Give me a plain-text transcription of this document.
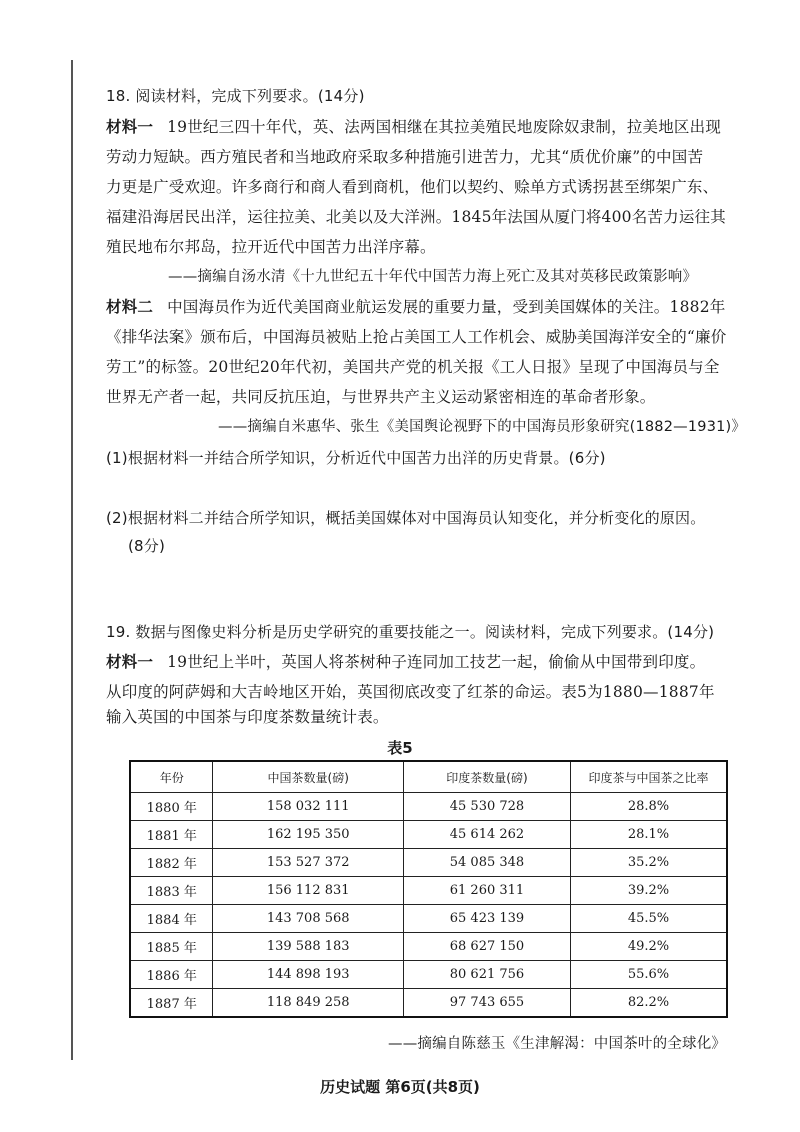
18. 阅读材料，完成下列要求。(14分)
材料一 19世纪三四十年代，英、法两国相继在其拉美殖民地废除奴隶制，拉美地区出现
劳动力短缺。西方殖民者和当地政府采取多种措施引进苦力，尤其“质优价廉”的中国苦
力更是广受欢迎。许多商行和商人看到商机，他们以契约、赊单方式诱拐甚至绑架广东、
福建沿海居民出洋，运往拉美、北美以及大洋洲。1845年法国从厦门将400名苦力运往其
殖民地布尔邦岛，拉开近代中国苦力出洋序幕。
——摘编自汤水清《十九世纪五十年代中国苦力海上死亡及其对英移民政策影响》
材料二 中国海员作为近代美国商业航运发展的重要力量，受到美国媒体的关注。1882年
《排华法案》颁布后，中国海员被贴上抢占美国工人工作机会、威胁美国海洋安全的“廉价
劳工”的标签。20世纪20年代初，美国共产党的机关报《工人日报》呈现了中国海员与全
世界无产者一起，共同反抗压迫，与世界共产主义运动紧密相连的革命者形象。
——摘编自米惠华、张生《美国舆论视野下的中国海员形象研究(1882—1931)》
(1)根据材料一并结合所学知识，分析近代中国苦力出洋的历史背景。(6分)
(2)根据材料二并结合所学知识，概括美国媒体对中国海员认知变化，并分析变化的原因。
(8分)
19. 数据与图像史料分析是历史学研究的重要技能之一。阅读材料，完成下列要求。(14分)
材料一 19世纪上半叶，英国人将茶树种子连同加工技艺一起，偷偷从中国带到印度。
从印度的阿萨姆和大吉岭地区开始，英国彻底改变了红茶的命运。表5为1880—1887年
输入英国的中国茶与印度茶数量统计表。
表5
年份	中国茶数量(磅)	印度茶数量(磅)	印度茶与中国茶之比率
1880 年	158 032 111	45 530 728	28.8%
1881 年	162 195 350	45 614 262	28.1%
1882 年	153 527 372	54 085 348	35.2%
1883 年	156 112 831	61 260 311	39.2%
1884 年	143 708 568	65 423 139	45.5%
1885 年	139 588 183	68 627 150	49.2%
1886 年	144 898 193	80 621 756	55.6%
1887 年	118 849 258	97 743 655	82.2%
——摘编自陈慈玉《生津解渴：中国茶叶的全球化》
历史试题 第6页(共8页)
